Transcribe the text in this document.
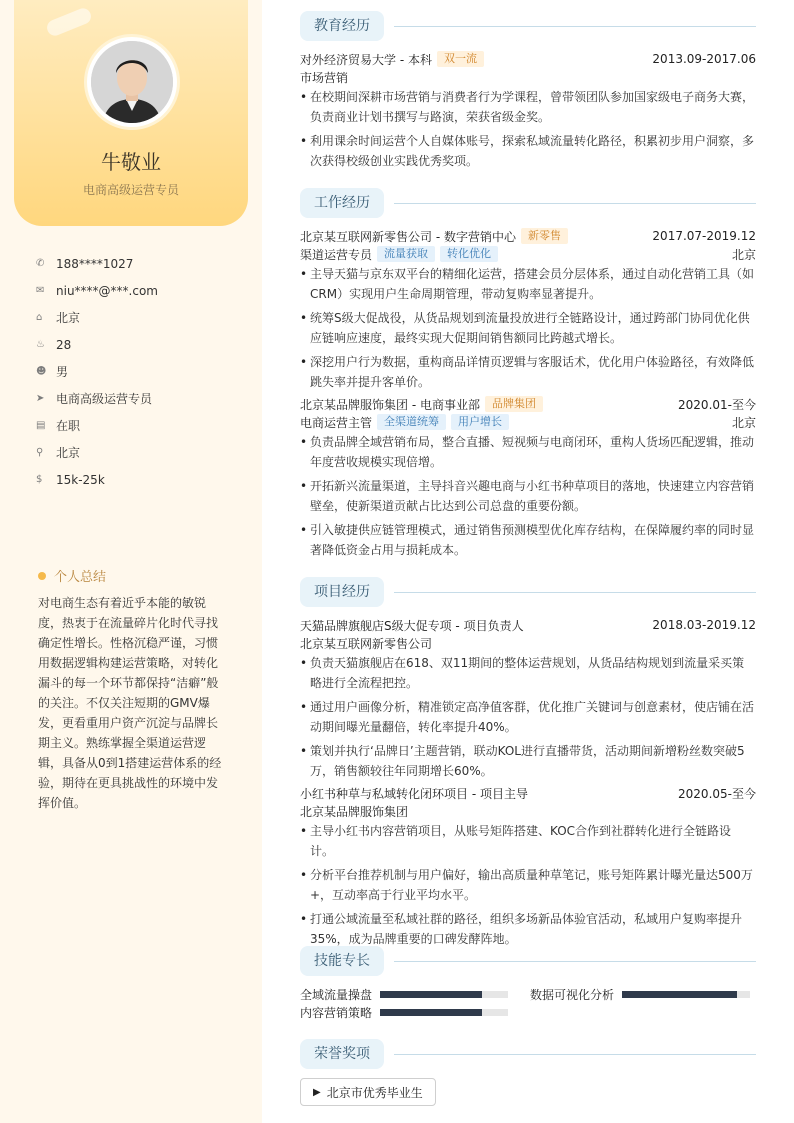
牛敬业
电商高级运营专员
✆ 188****1027
✉ niu****@***.com
⌂	北京
♨ 28
☻ 男
➤ 电商高级运营专员
▤ 在职
⚲	北京
$	15k-25k
个人总结
对电商生态有着近乎本能的敏锐度，热衷于在流量碎片化时代寻找确定性增长。性格沉稳严谨，习惯用数据逻辑构建运营策略，对转化漏斗的每一个环节都保持“洁癖”般的关注。不仅关注短期的GMV爆发，更看重用户资产沉淀与品牌长期主义。熟练掌握全渠道运营逻辑，具备从0到1搭建运营体系的经验，期待在更具挑战性的环境中发挥价值。
教育经历
对外经济贸易大学 - 本科	双一流	2013.09-2017.06
市场营销
• 在校期间深耕市场营销与消费者行为学课程，曾带领团队参加国家级电子商务大赛，负责商业计划书撰写与路演，荣获省级金奖。
• 利用课余时间运营个人自媒体账号，探索私域流量转化路径，积累初步用户洞察，多次获得校级创业实践优秀奖项。
工作经历
北京某互联网新零售公司 - 数字营销中心	新零售	2017.07-2019.12
渠道运营专员	流量获取	转化优化	北京
• 主导天猫与京东双平台的精细化运营，搭建会员分层体系，通过自动化营销工具（如CRM）实现用户生命周期管理，带动复购率显著提升。
• 统筹S级大促战役，从货品规划到流量投放进行全链路设计，通过跨部门协同优化供应链响应速度，最终实现大促期间销售额同比跨越式增长。
• 深挖用户行为数据，重构商品详情页逻辑与客服话术，优化用户体验路径，有效降低跳失率并提升客单价。
北京某品牌服饰集团 - 电商事业部	品牌集团	2020.01-至今
电商运营主管	全渠道统筹	用户增长	北京
• 负责品牌全域营销布局，整合直播、短视频与电商闭环，重构人货场匹配逻辑，推动年度营收规模实现倍增。
• 开拓新兴流量渠道，主导抖音兴趣电商与小红书种草项目的落地，快速建立内容营销壁垒，使新渠道贡献占比达到公司总盘的重要份额。
• 引入敏捷供应链管理模式，通过销售预测模型优化库存结构，在保障履约率的同时显著降低资金占用与损耗成本。
项目经历
天猫品牌旗舰店S级大促专项 - 项目负责人	2018.03-2019.12
北京某互联网新零售公司
• 负责天猫旗舰店在618、双11期间的整体运营规划，从货品结构规划到流量采买策略进行全流程把控。
• 通过用户画像分析，精准锁定高净值客群，优化推广关键词与创意素材，使店铺在活动期间曝光量翻倍，转化率提升40%。
• 策划并执行‘品牌日’主题营销，联动KOL进行直播带货，活动期间新增粉丝数突破5万，销售额较往年同期增长60%。
小红书种草与私域转化闭环项目 - 项目主导	2020.05-至今
北京某品牌服饰集团
• 主导小红书内容营销项目，从账号矩阵搭建、KOC合作到社群转化进行全链路设计。
• 分析平台推荐机制与用户偏好，输出高质量种草笔记，账号矩阵累计曝光量达500万+，互动率高于行业平均水平。
• 打通公域流量至私域社群的路径，组织多场新品体验官活动，私域用户复购率提升35%，成为品牌重要的口碑发酵阵地。
技能专长
全域流量操盘	数据可视化分析
内容营销策略
荣誉奖项
▶ 北京市优秀毕业生
